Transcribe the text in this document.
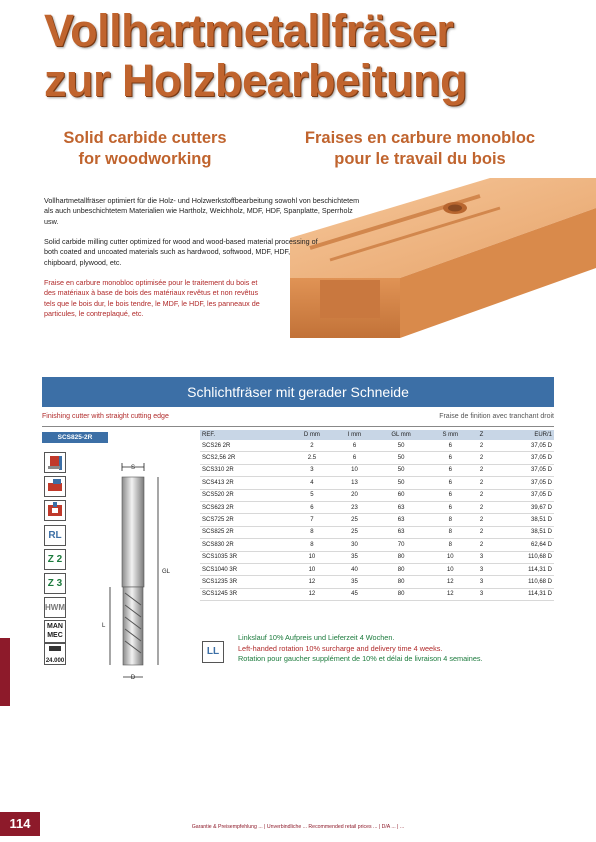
Vollhartmetallfräser
zur Holzbearbeitung
Solid carbide cutters
for woodworking
Fraises en carbure monobloc
pour le travail du bois
Vollhartmetallfräser optimiert für die Holz- und Holzwerkstoffbearbeitung sowohl von beschichtetem als auch unbeschichtetem Materialien wie Hartholz, Weichholz, MDF, HDF, Spanplatte, Sperrholz usw.
Solid carbide milling cutter optimized for wood and wood-based material processing of both coated and uncoated materials such as hardwood, softwood, MDF, HDF, chipboard, plywood, etc.
Fraise en carbure monobloc optimisée pour le traitement du bois et des matériaux à base de bois des matériaux revêtus et non revêtus tels que le bois dur, le bois tendre, le MDF, le HDF, les panneaux de particules, le contreplaqué, etc.
Schlichtfräser mit gerader Schneide
Finishing cutter with straight cutting edge	Fraise de finition avec tranchant droit
SCS825-2R
RL
Z 2
Z 3
HWM
MAN
MEC
24.000
S
GL
L
D
REF.	D mm	I mm	GL mm	S mm	Z	EUR/1
SCS26 2R	2	6	50	6	2	37,05 D
SCS2,56 2R	2.5	6	50	6	2	37,05 D
SCS310 2R	3	10	50	6	2	37,05 D
SCS413 2R	4	13	50	6	2	37,05 D
SCS520 2R	5	20	60	6	2	37,05 D
SCS623 2R	6	23	63	6	2	39,67 D
SCS725 2R	7	25	63	8	2	38,51 D
SCS825 2R	8	25	63	8	2	38,51 D
SCS830 2R	8	30	70	8	2	62,64 D
SCS1035 3R	10	35	80	10	3	110,68 D
SCS1040 3R	10	40	80	10	3	114,31 D
SCS1235 3R	12	35	80	12	3	110,68 D
SCS1245 3R	12	45	80	12	3	114,31 D
LL
Linkslauf 10% Aufpreis und Lieferzeit 4 Wochen.
Left-handed rotation 10% surcharge and delivery time 4 weeks.
Rotation pour gaucher supplément de 10% et délai de livraison 4 semaines.
114	Garantie & Preisempfehlung ... | Unverbindliche ... Recommended retail prices ... | D/A ... | ...
